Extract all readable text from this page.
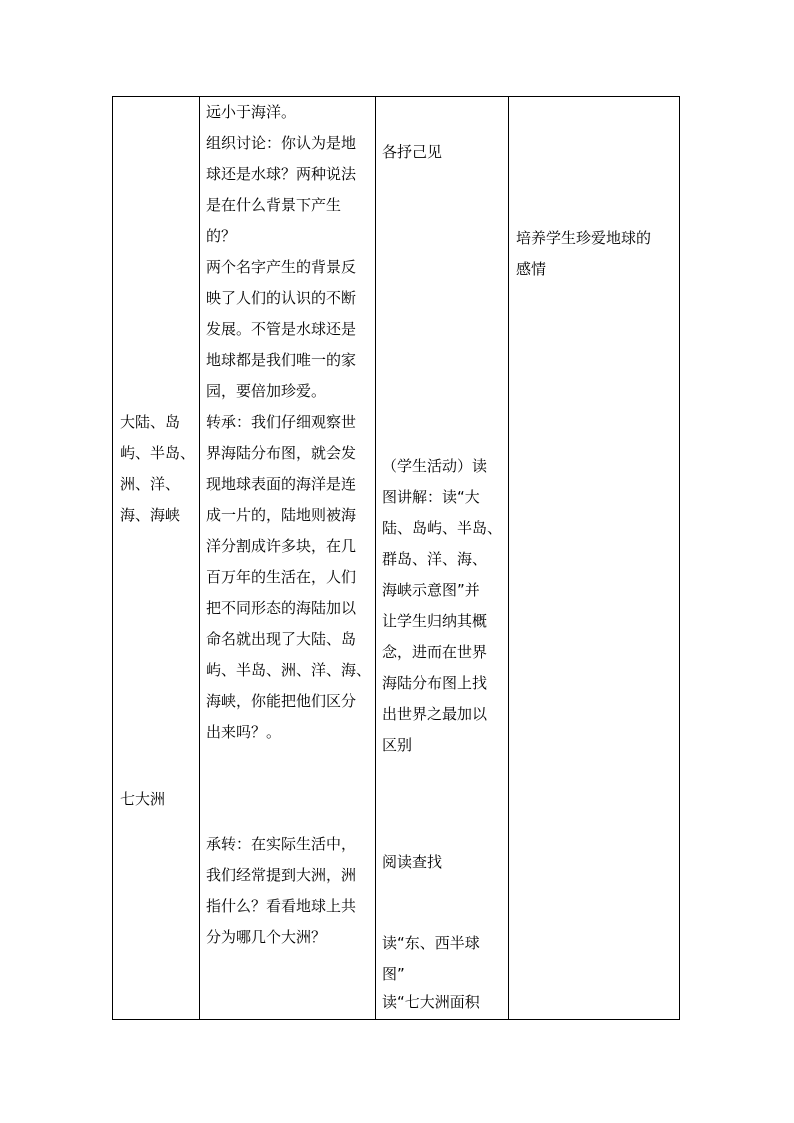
大陆、岛

屿、半岛、

洲、洋、

海、海峡

七大洲

远小于海洋。

组织讨论：你认为是地

球还是水球？两种说法

是在什么背景下产生

的？

两个名字产生的背景反

映了人们的认识的不断

发展。不管是水球还是

地球都是我们唯一的家

园，要倍加珍爱。

转承：我们仔细观察世

界海陆分布图，就会发

现地球表面的海洋是连

成一片的，陆地则被海

洋分割成许多块，在几

百万年的生活在，人们

把不同形态的海陆加以

命名就出现了大陆、岛

屿、半岛、洲、洋、海、

海峡，你能把他们区分

出来吗？。

承转：在实际生活中，

我们经常提到大洲，洲

指什么？看看地球上共

分为哪几个大洲？

各抒己见

（学生活动）读

图讲解：读“大

陆、岛屿、半岛、

群岛、洋、海、

海峡示意图”并

让学生归纳其概

念，进而在世界

海陆分布图上找

出世界之最加以

区别

阅读查找

读“东、西半球

图”

读“七大洲面积

培养学生珍爱地球的

感情
